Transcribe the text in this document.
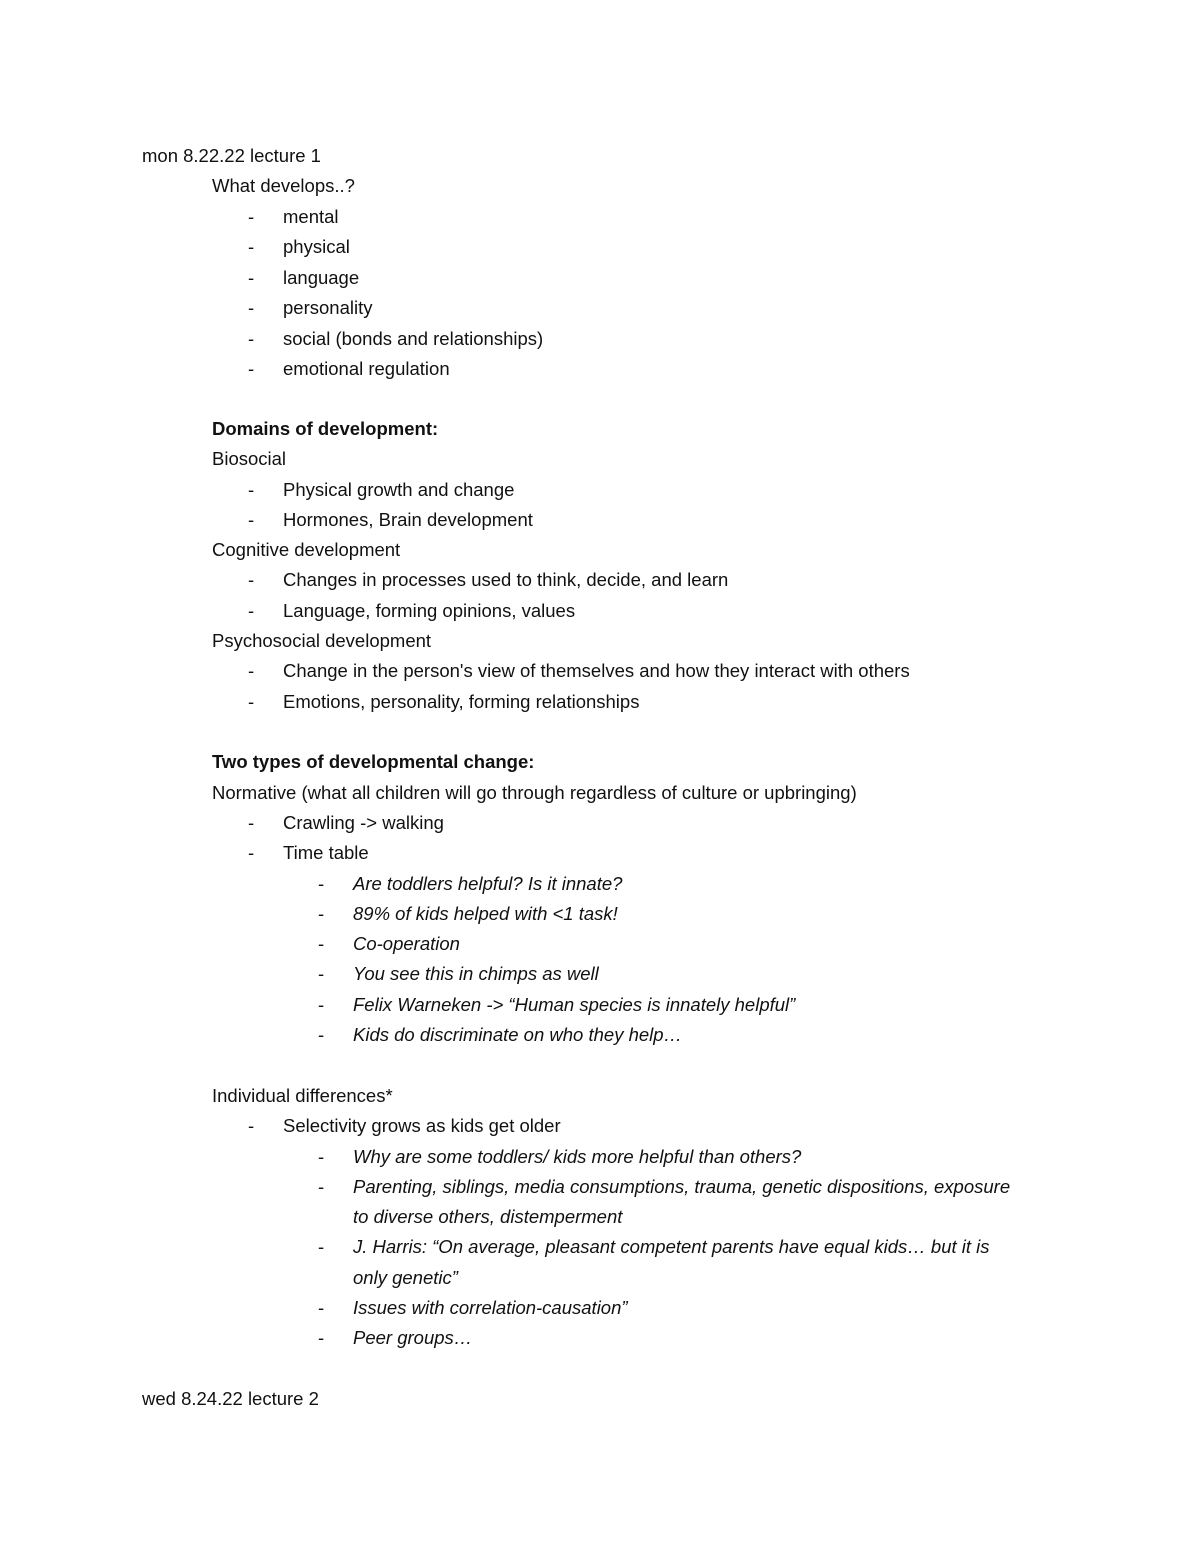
mon 8.22.22 lecture 1
What develops..?
- mental
- physical
- language
- personality
- social (bonds and relationships)
- emotional regulation
Domains of development:
Biosocial
- Physical growth and change
- Hormones, Brain development
Cognitive development
- Changes in processes used to think, decide, and learn
- Language, forming opinions, values
Psychosocial development
- Change in the person's view of themselves and how they interact with others
- Emotions, personality, forming relationships
Two types of developmental change:
Normative (what all children will go through regardless of culture or upbringing)
- Crawling -> walking
- Time table
- Are toddlers helpful? Is it innate?
- 89% of kids helped with <1 task!
- Co-operation
- You see this in chimps as well
- Felix Warneken -> “Human species is innately helpful”
- Kids do discriminate on who they help…
Individual differences*
- Selectivity grows as kids get older
- Why are some toddlers/ kids more helpful than others?
- Parenting, siblings, media consumptions, trauma, genetic dispositions, exposure
to diverse others, distemperment
- J. Harris: “On average, pleasant competent parents have equal kids… but it is
only genetic”
- Issues with correlation-causation”
- Peer groups…
wed 8.24.22 lecture 2
